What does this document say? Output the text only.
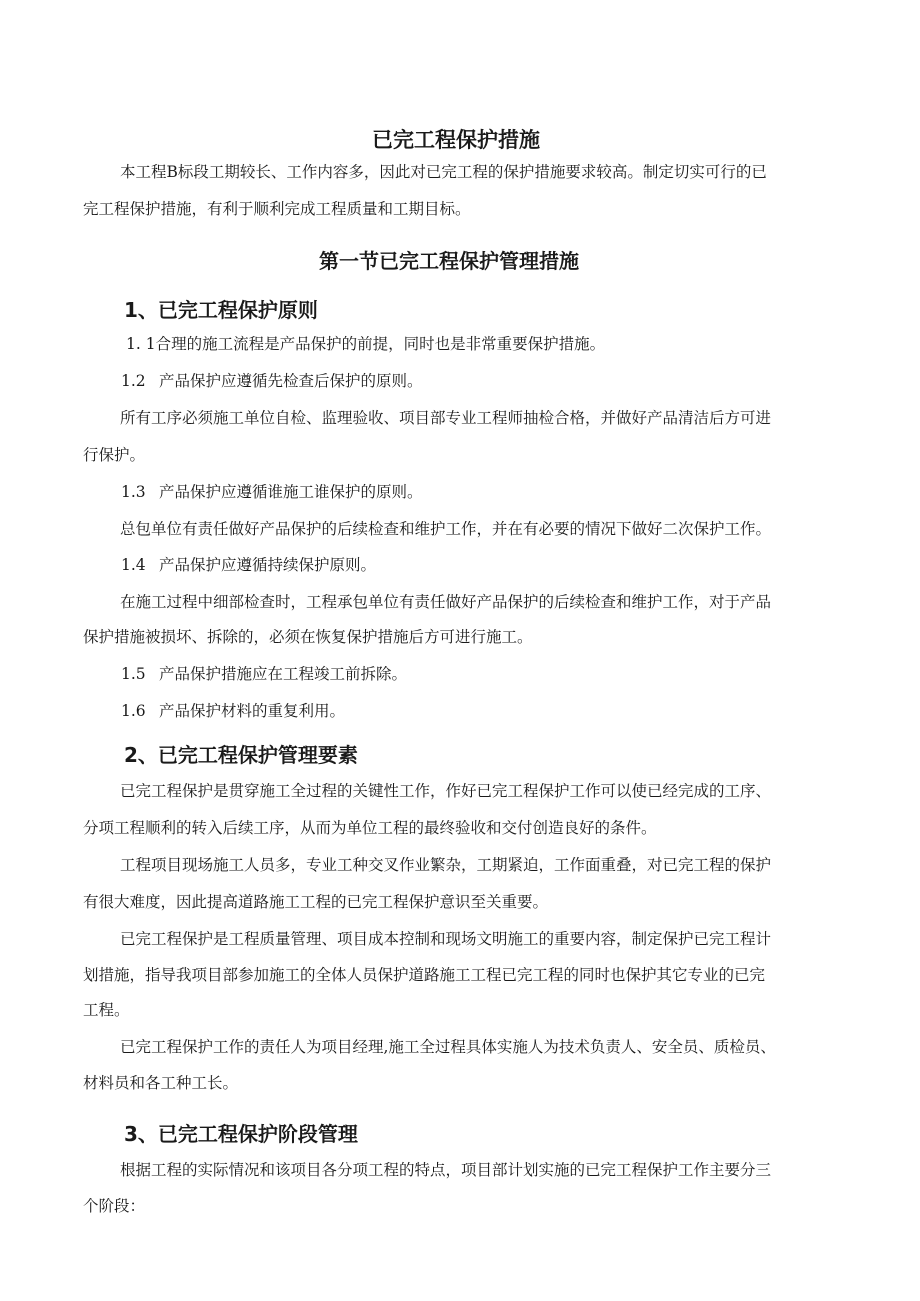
已完工程保护措施

本工程B标段工期较长、工作内容多，因此对已完工程的保护措施要求较高。制定切实可行的已

完工程保护措施，有利于顺利完成工程质量和工期目标。

第一节已完工程保护管理措施
1、已完工程保护原则

1. 1合理的施工流程是产品保护的前提，同时也是非常重要保护措施。

1.2 产品保护应遵循先检查后保护的原则。

所有工序必须施工单位自检、监理验收、项目部专业工程师抽检合格，并做好产品清洁后方可进

行保护。

1.3 产品保护应遵循谁施工谁保护的原则。

总包单位有责任做好产品保护的后续检查和维护工作，并在有必要的情况下做好二次保护工作。

1.4 产品保护应遵循持续保护原则。

在施工过程中细部检查时，工程承包单位有责任做好产品保护的后续检查和维护工作，对于产品

保护措施被损坏、拆除的，必须在恢复保护措施后方可进行施工。

1.5 产品保护措施应在工程竣工前拆除。

1.6 产品保护材料的重复利用。

2、已完工程保护管理要素

已完工程保护是贯穿施工全过程的关键性工作，作好已完工程保护工作可以使已经完成的工序、

分项工程顺利的转入后续工序，从而为单位工程的最终验收和交付创造良好的条件。

工程项目现场施工人员多，专业工种交叉作业繁杂，工期紧迫，工作面重叠，对已完工程的保护

有很大难度，因此提高道路施工工程的已完工程保护意识至关重要。

已完工程保护是工程质量管理、项目成本控制和现场文明施工的重要内容，制定保护已完工程计

划措施，指导我项目部参加施工的全体人员保护道路施工工程已完工程的同时也保护其它专业的已完

工程。

已完工程保护工作的责任人为项目经理,施工全过程具体实施人为技术负责人、安全员、质检员、

材料员和各工种工长。

3、已完工程保护阶段管理

根据工程的实际情况和该项目各分项工程的特点，项目部计划实施的已完工程保护工作主要分三

个阶段：
